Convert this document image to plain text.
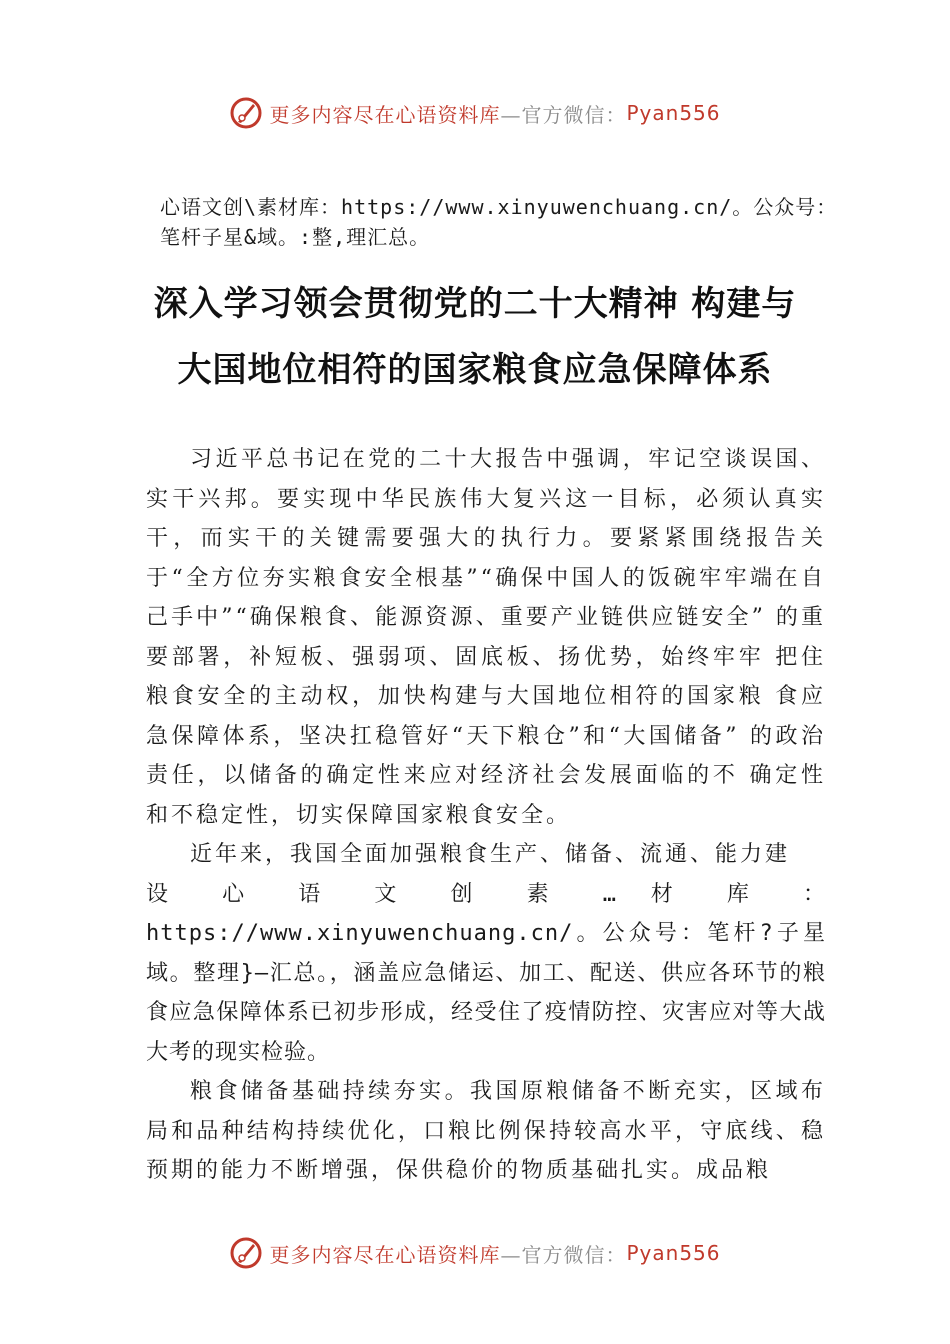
更多内容尽在心语资料库 —官方微信： Pyan556
心语文创\素材库：https://www.xinyuwenchuang.cn/。公众号：笔杆子星&域。:整,理汇总。
深入学习领会贯彻党的二十大精神 构建与
大国地位相符的国家粮食应急保障体系

习近平总书记在党的二十大报告中强调，牢记空谈误国、实干兴邦。要实现中华民族伟大复兴这一目标，必须认真实干，而实干的关键需要强大的执行力。要紧紧围绕报告关于“全方位夯实粮食安全根基”“确保中国人的饭碗牢牢端在自己手中”“确保粮食、能源资源、重要产业链供应链安全” 的重要部署，补短板、强弱项、固底板、扬优势，始终牢牢 把住粮食安全的主动权，加快构建与大国地位相符的国家粮 食应急保障体系，坚决扛稳管好“天下粮仓”和“大国储备” 的政治责任，以储备的确定性来应对经济社会发展面临的不 确定性和不稳定性，切实保障国家粮食安全。

近年来，我国全面加强粮食生产、储备、流通、能力建

设 心 语 文 创 素 … 材 库 ： https://www.xinyuwenchuang.cn/。公众号：笔杆?子星域。整理}—汇总。，涵盖应急储运、加工、配送、供应各环节的粮食应急保障体系已初步形成，经受住了疫情防控、灾害应对等大战大考的现实检验。

粮食储备基础持续夯实。我国原粮储备不断充实，区域布局和品种结构持续优化，口粮比例保持较高水平，守底线、稳预期的能力不断增强，保供稳价的物质基础扎实。成品粮

更多内容尽在心语资料库 —官方微信： Pyan556
